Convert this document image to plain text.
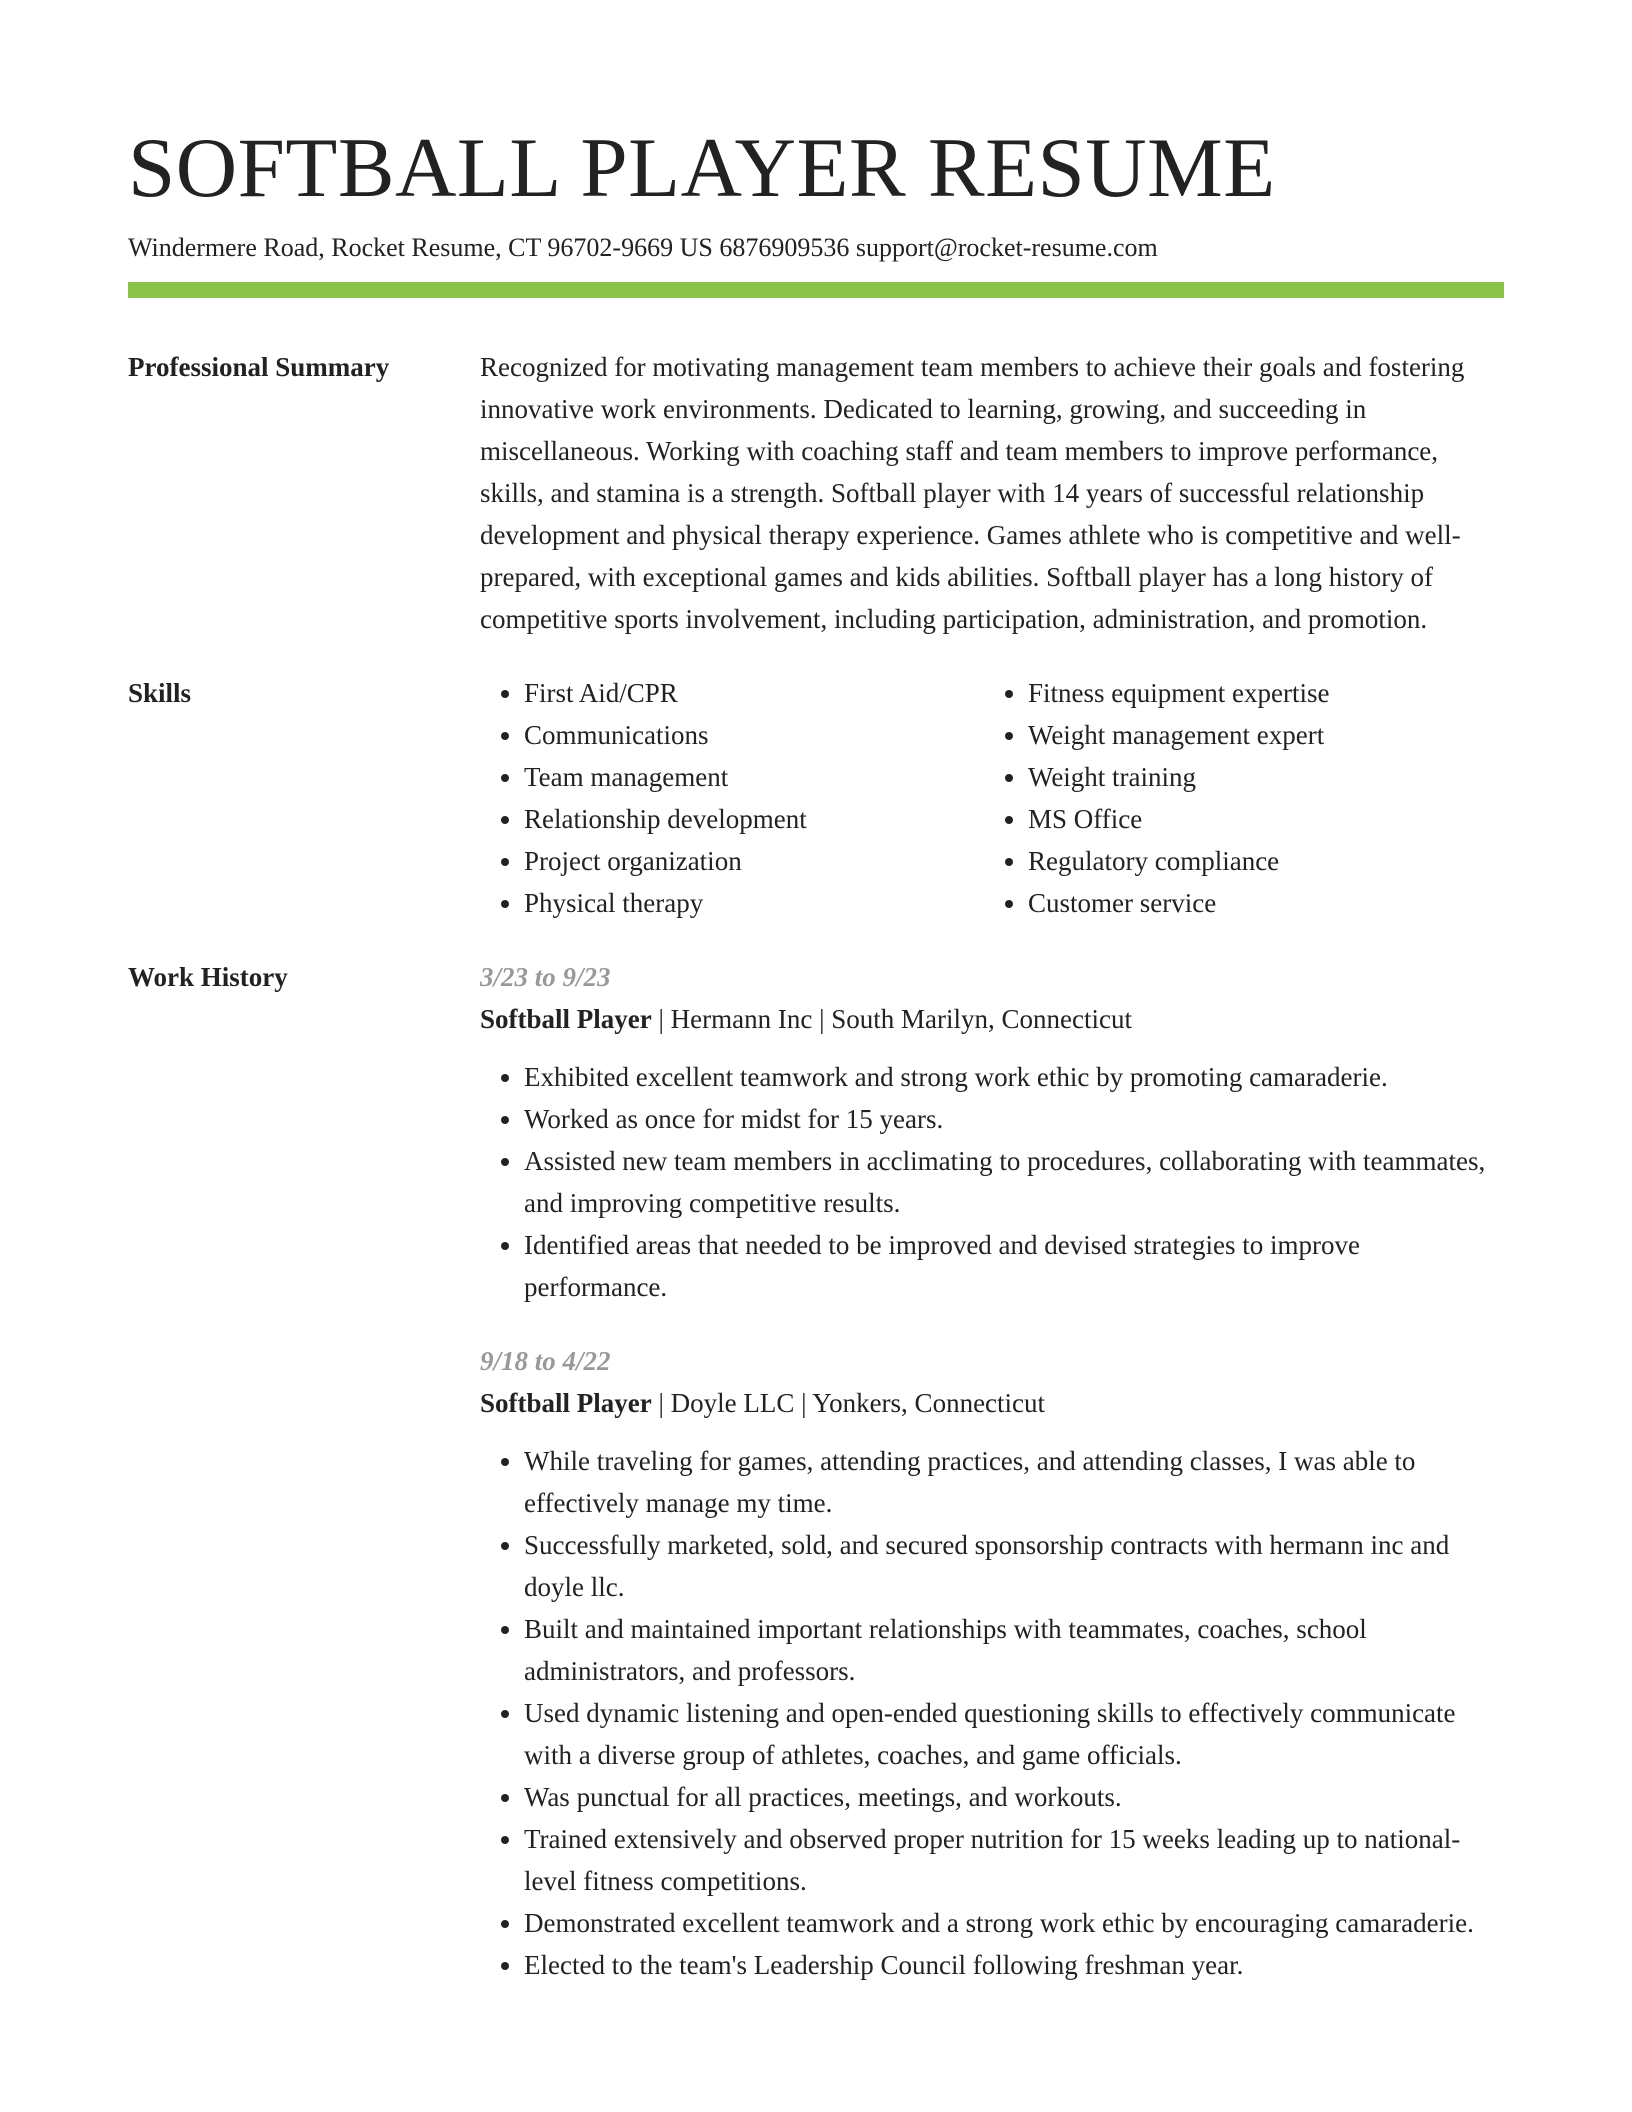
SOFTBALL PLAYER RESUME
Windermere Road, Rocket Resume, CT 96702-9669 US 6876909536 support@rocket-resume.com
Professional Summary	Recognized for motivating management team members to achieve their goals and fostering innovative work environments. Dedicated to learning, growing, and succeeding in miscellaneous. Working with coaching staff and team members to improve performance, skills, and stamina is a strength. Softball player with 14 years of successful relationship development and physical therapy experience. Games athlete who is competitive and well-prepared, with exceptional games and kids abilities. Softball player has a long history of competitive sports involvement, including participation, administration, and promotion.
Skills
•	First Aid/CPR
• Communications
• Team management
• Relationship development
• Project organization
• Physical therapy
• Fitness equipment expertise
• Weight management expert
• Weight training
• MS Office
• Regulatory compliance
• Customer service
Work History	3/23 to 9/23
Softball Player | Hermann Inc | South Marilyn, Connecticut
• Exhibited excellent teamwork and strong work ethic by promoting camaraderie.
• Worked as once for midst for 15 years.
• Assisted new team members in acclimating to procedures, collaborating with teammates, and improving competitive results.
• Identified areas that needed to be improved and devised strategies to improve performance.
9/18 to 4/22
Softball Player | Doyle LLC | Yonkers, Connecticut
• While traveling for games, attending practices, and attending classes, I was able to effectively manage my time.
• Successfully marketed, sold, and secured sponsorship contracts with hermann inc and doyle llc.
• Built and maintained important relationships with teammates, coaches, school administrators, and professors.
• Used dynamic listening and open-ended questioning skills to effectively communicate with a diverse group of athletes, coaches, and game officials.
• Was punctual for all practices, meetings, and workouts.
• Trained extensively and observed proper nutrition for 15 weeks leading up to national-level fitness competitions.
• Demonstrated excellent teamwork and a strong work ethic by encouraging camaraderie.
• Elected to the team's Leadership Council following freshman year.
